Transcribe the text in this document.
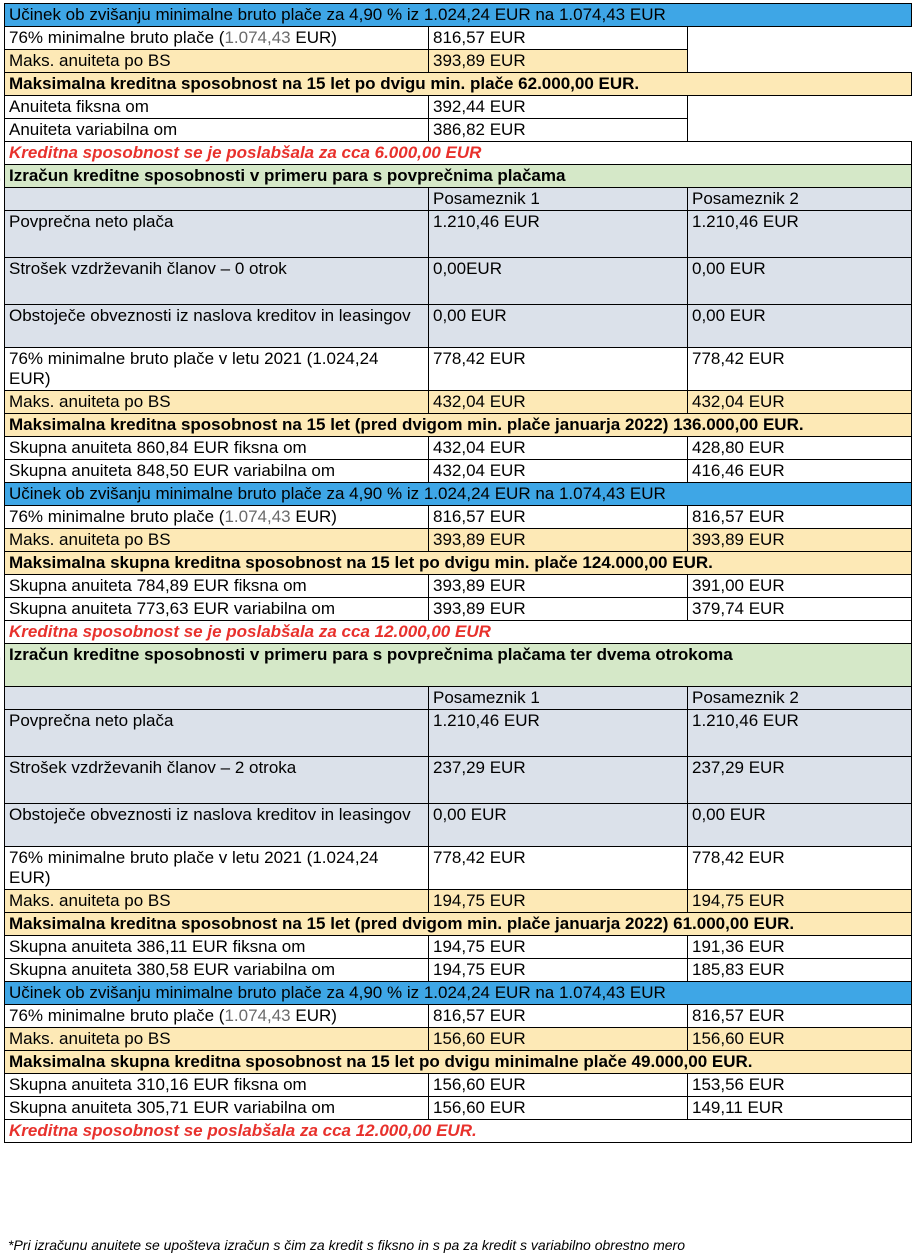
Učinek ob zvišanju minimalne bruto plače za 4,90 % iz 1.024,24 EUR na 1.074,43 EUR		
76% minimalne bruto plače (1.074,43 EUR)	816,57 EUR	
Maks. anuiteta po BS	393,89 EUR	
Maksimalna kreditna sposobnost na 15 let po dvigu min. plače 62.000,00 EUR.		
Anuiteta fiksna om	392,44 EUR	
Anuiteta variabilna om	386,82 EUR	
Kreditna sposobnost se je poslabšala za cca 6.000,00 EUR		
Izračun kreditne sposobnosti v primeru para s povprečnima plačama		
	Posameznik 1	Posameznik 2
Povprečna neto plača	1.210,46 EUR	1.210,46 EUR
Strošek vzdrževanih članov – 0 otrok	0,00EUR	0,00 EUR
Obstoječe obveznosti iz naslova kreditov in leasingov	0,00 EUR	0,00 EUR
76% minimalne bruto plače v letu 2021 (1.024,24 EUR)	778,42 EUR	778,42 EUR
Maks. anuiteta po BS	432,04 EUR	432,04 EUR
Maksimalna kreditna sposobnost na 15 let (pred dvigom min. plače januarja 2022) 136.000,00 EUR.		
Skupna anuiteta 860,84 EUR fiksna om	432,04 EUR	428,80 EUR
Skupna anuiteta 848,50 EUR variabilna om	432,04 EUR	416,46 EUR
Učinek ob zvišanju minimalne bruto plače za 4,90 % iz 1.024,24 EUR na 1.074,43 EUR		
76% minimalne bruto plače (1.074,43 EUR)	816,57 EUR	816,57 EUR
Maks. anuiteta po BS	393,89 EUR	393,89 EUR
Maksimalna skupna kreditna sposobnost na 15 let po dvigu min. plače 124.000,00 EUR.		
Skupna anuiteta 784,89 EUR fiksna om	393,89 EUR	391,00 EUR
Skupna anuiteta 773,63 EUR variabilna om	393,89 EUR	379,74 EUR
Kreditna sposobnost se je poslabšala za cca 12.000,00 EUR		
Izračun kreditne sposobnosti v primeru para s povprečnima plačama ter dvema otrokoma		
	Posameznik 1	Posameznik 2
Povprečna neto plača	1.210,46 EUR	1.210,46 EUR
Strošek vzdrževanih članov – 2 otroka	237,29 EUR	237,29 EUR
Obstoječe obveznosti iz naslova kreditov in leasingov	0,00 EUR	0,00 EUR
76% minimalne bruto plače v letu 2021 (1.024,24 EUR)	778,42 EUR	778,42 EUR
Maks. anuiteta po BS	194,75 EUR	194,75 EUR
Maksimalna kreditna sposobnost na 15 let (pred dvigom min. plače januarja 2022) 61.000,00 EUR.		
Skupna anuiteta 386,11 EUR fiksna om	194,75 EUR	191,36 EUR
Skupna anuiteta 380,58 EUR variabilna om	194,75 EUR	185,83 EUR
Učinek ob zvišanju minimalne bruto plače za 4,90 % iz 1.024,24 EUR na 1.074,43 EUR		
76% minimalne bruto plače (1.074,43 EUR)	816,57 EUR	816,57 EUR
Maks. anuiteta po BS	156,60 EUR	156,60 EUR
Maksimalna skupna kreditna sposobnost na 15 let po dvigu minimalne plače 49.000,00 EUR.		
Skupna anuiteta 310,16 EUR fiksna om	156,60 EUR	153,56 EUR
Skupna anuiteta 305,71 EUR variabilna om	156,60 EUR	149,11 EUR
Kreditna sposobnost se poslabšala za cca 12.000,00 EUR.		
*Pri izračunu anuitete se upošteva izračun s čim za kredit s fiksno in s pa za kredit s variabilno obrestno mero
